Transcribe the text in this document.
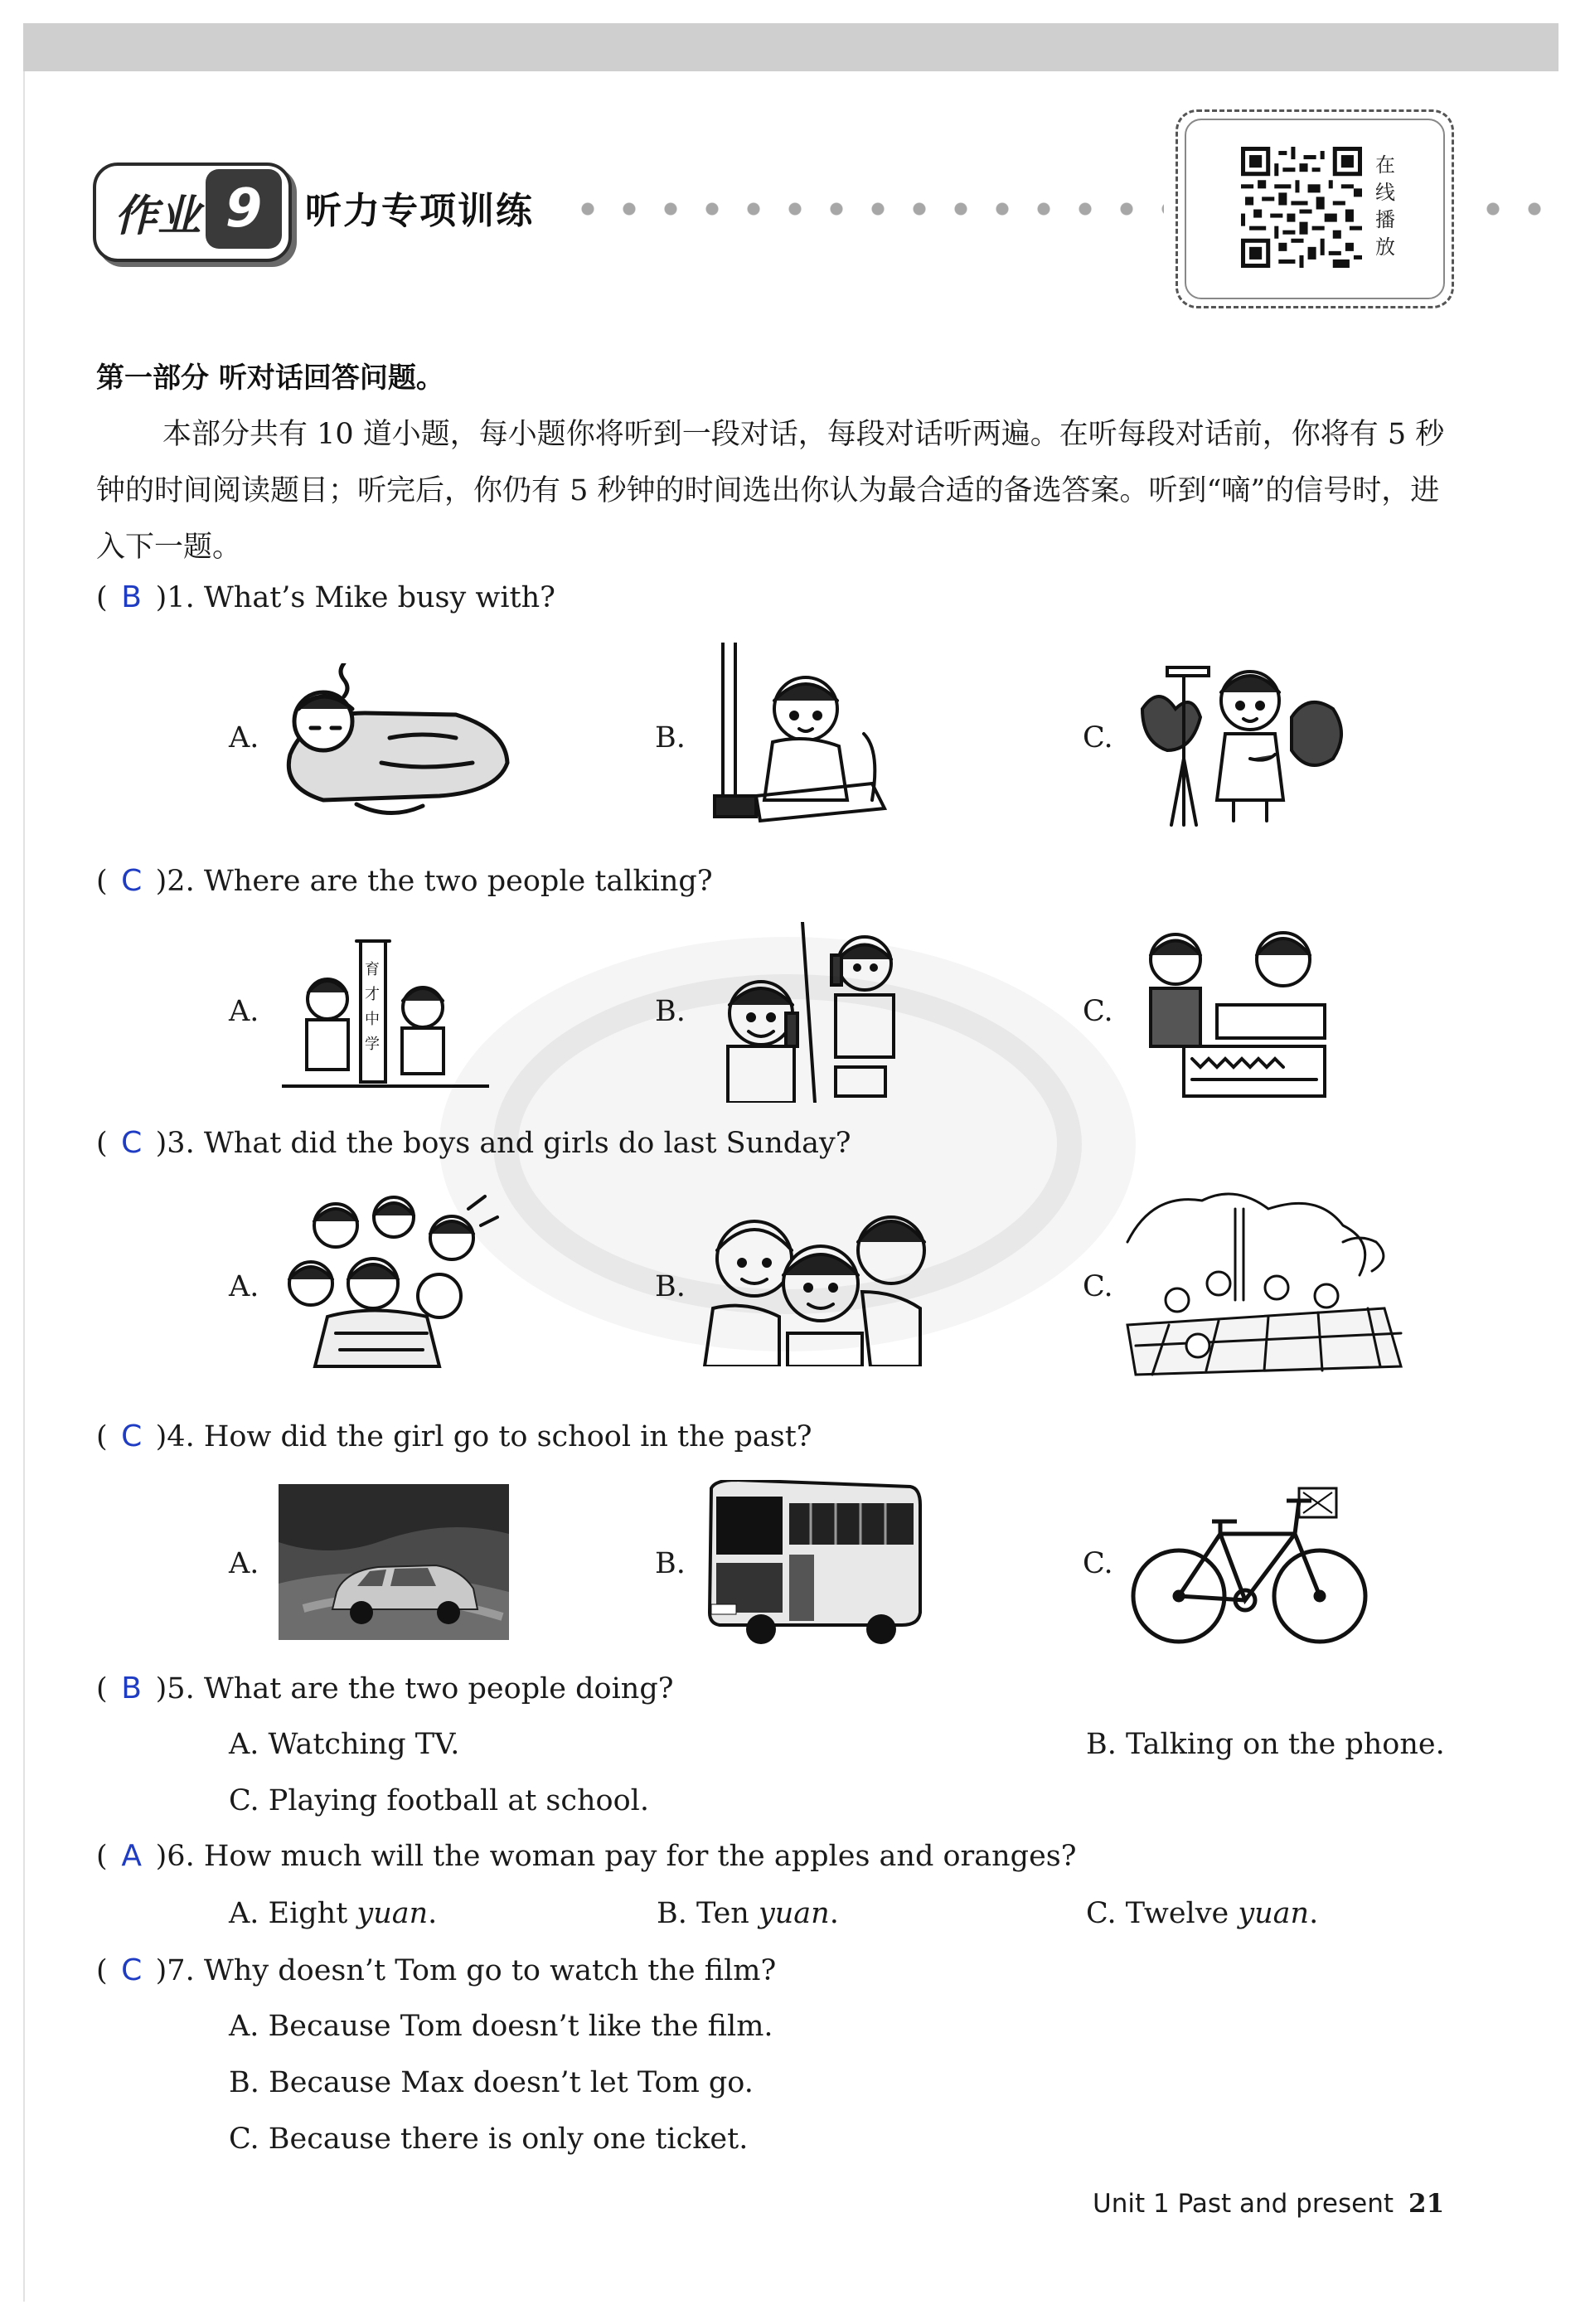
作业 9	听力专项训练
在
线
播
放
第一部分 听对话回答问题。
本部分共有 10 道小题，每小题你将听到一段对话，每段对话听两遍。在听每段对话前，你将有 5 秒钟的时间阅读题目；听完后，你仍有 5 秒钟的时间选出你认为最合适的备选答案。听到“嘀”的信号时，进入下一题。
( B )1. What’s Mike busy with?
A.	B.	C.
( C )2. Where are the two people talking?
A.	B.	C.
育
才
中
学
( C )3. What did the boys and girls do last Sunday?
A.	B.	C.
( C )4. How did the girl go to school in the past?
A.	B.	C.
( B )5. What are the two people doing?
A. Watching TV.	B. Talking on the phone.
C. Playing football at school.
( A )6. How much will the woman pay for the apples and oranges?
A. Eight yuan.	B. Ten yuan.	C. Twelve yuan.
( C )7. Why doesn’t Tom go to watch the film?
A. Because Tom doesn’t like the film.
B. Because Max doesn’t let Tom go.
C. Because there is only one ticket.
Unit 1 Past and present 21
